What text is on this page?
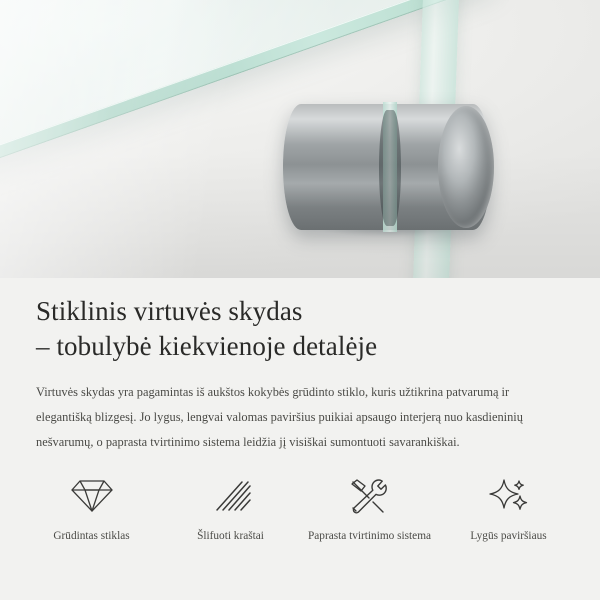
Stiklinis virtuvės skydas
– tobulybė kiekvienoje detalėje

Virtuvės skydas yra pagamintas iš aukštos kokybės grūdinto stiklo, kuris užtikrina patvarumą ir elegantišką blizgesį. Jo lygus, lengvai valomas paviršius puikiai apsaugo interjerą nuo kasdieninių nešvarumų, o paprasta tvirtinimo sistema leidžia jį visiškai sumontuoti savarankiškai.

Grūdintas stiklas	Šlifuoti kraštai	Paprasta tvirtinimo sistema	Lygūs paviršiaus
